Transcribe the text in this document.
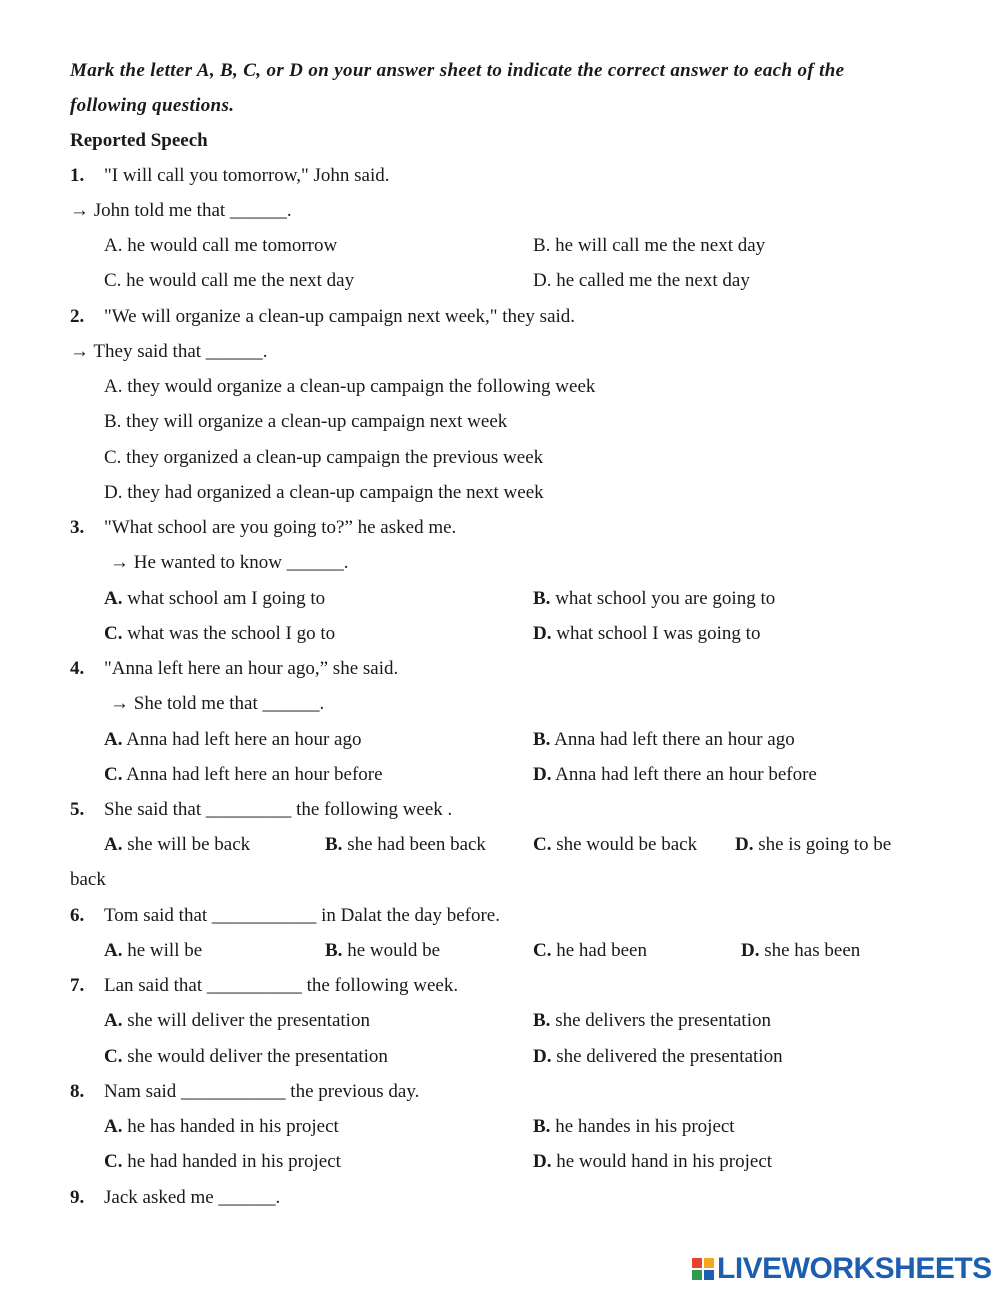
Mark the letter A, B, C, or D on your answer sheet to indicate the correct answer to each of the
following questions.
Reported Speech
1. "I will call you tomorrow," John said.
→ John told me that ______.
A. he would call me tomorrow	B. he will call me the next day
C. he would call me the next day	D. he called me the next day
2. "We will organize a clean-up campaign next week," they said.
→ They said that ______.
A. they would organize a clean-up campaign the following week
B. they will organize a clean-up campaign next week
C. they organized a clean-up campaign the previous week
D. they had organized a clean-up campaign the next week
3. "What school are you going to?” he asked me.
→ He wanted to know ______.
A. what school am I going to	B. what school you are going to
C. what was the school I go to	D. what school I was going to
4. "Anna left here an hour ago,” she said.
→ She told me that ______.
A. Anna had left here an hour ago	B. Anna had left there an hour ago
C. Anna had left here an hour before	D. Anna had left there an hour before
5. She said that _________ the following week .
A. she will be back	B. she had been back C. she would be back D. she is going to be
back
6. Tom said that ___________ in Dalat the day before.
A. he will be	B. he would be	C. he had been	D. she has been
7. Lan said that __________ the following week.
A. she will deliver the presentation	B. she delivers the presentation
C. she would deliver the presentation	D. she delivered the presentation
8. Nam said ___________ the previous day.
A. he has handed in his project	B. he handes in his project
C. he had handed in his project	D. he would hand in his project
9. Jack asked me ______.
LIVEWORKSHEETS
